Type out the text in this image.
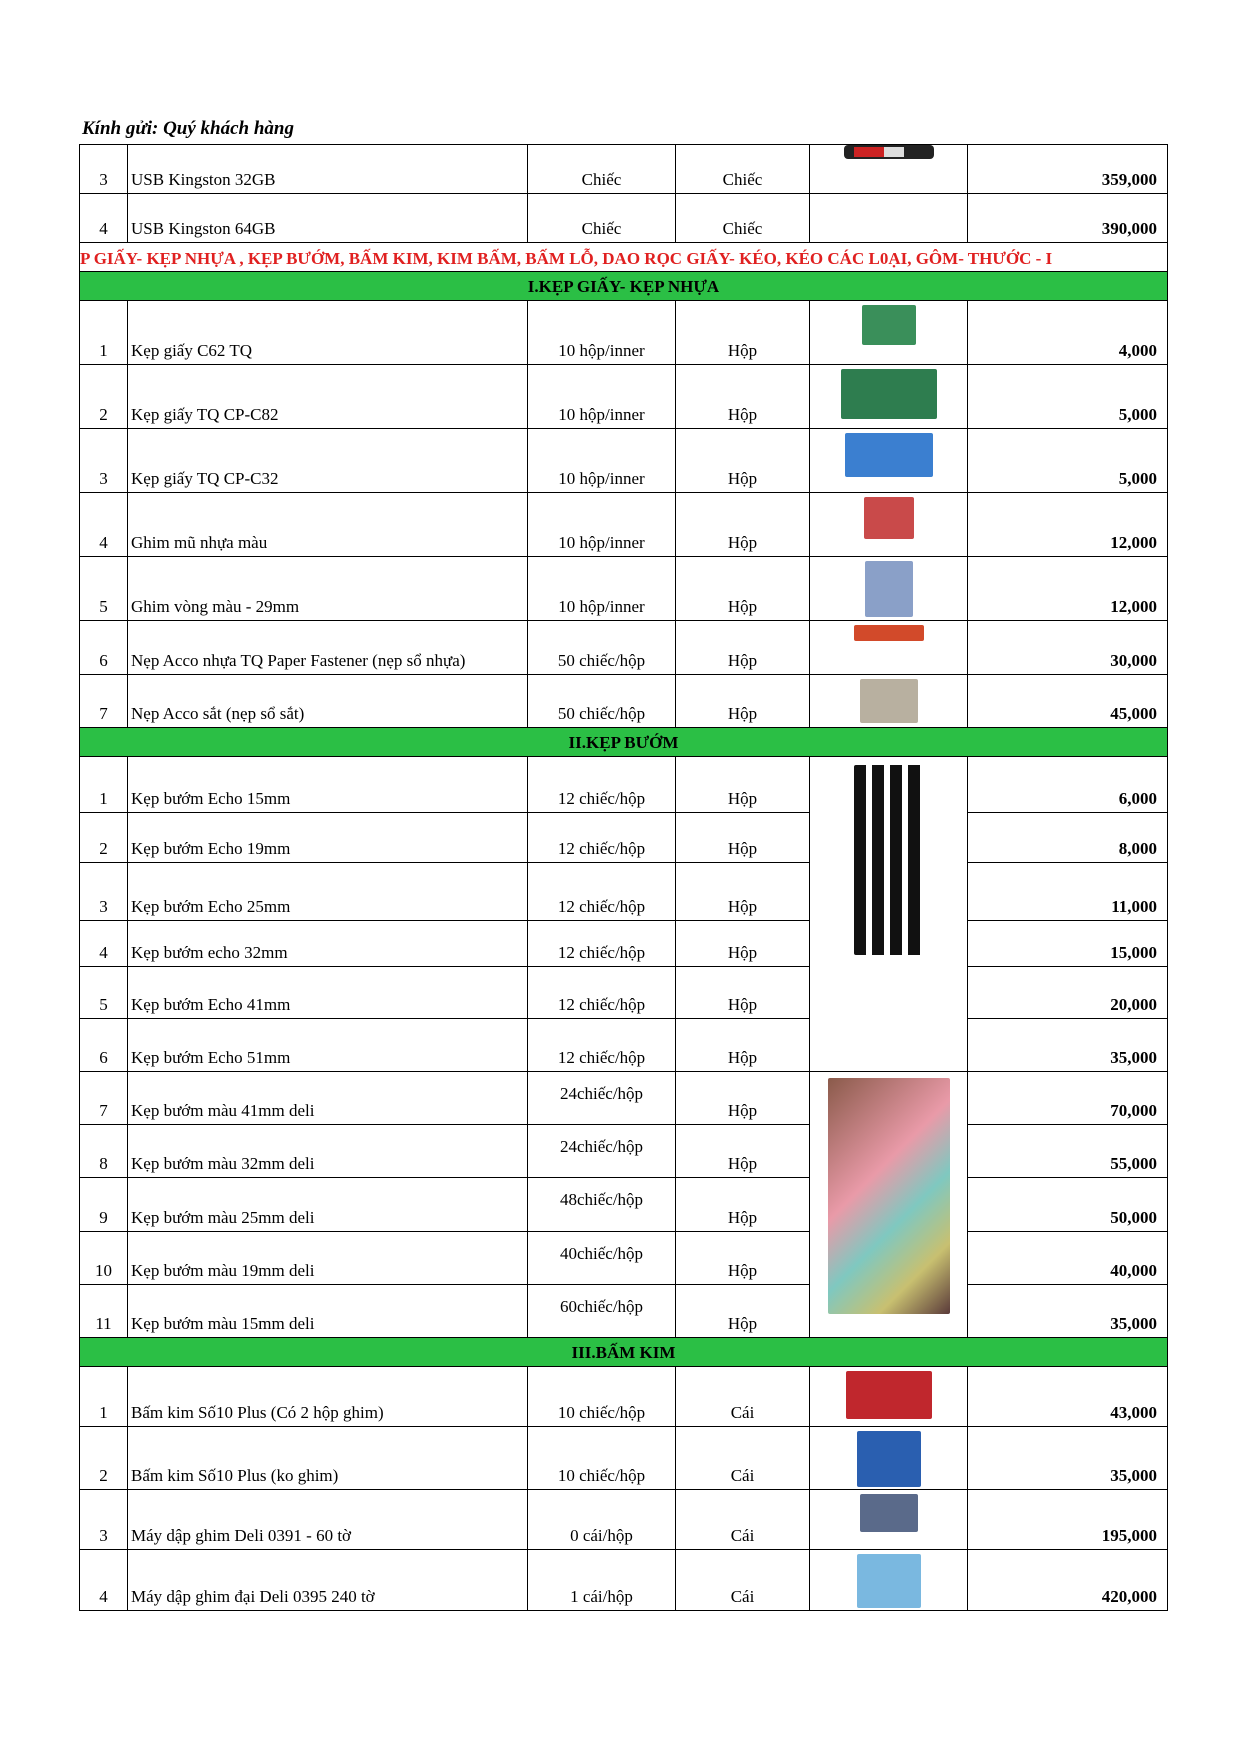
Kính gửi: Quý khách hàng
3	USB Kingston 32GB	Chiếc	Chiếc		359,000
4	USB Kingston 64GB	Chiếc	Chiếc		390,000
P GIẤY- KẸP NHỰA , KẸP BƯỚM, BẤM KIM, KIM BẤM, BẤM LỖ, DAO RỌC GIẤY- KÉO, KÉO CÁC L0ẠI, GÔM- THƯỚC - I					
I.KẸP GIẤY- KẸP NHỰA					
1	Kẹp giấy C62 TQ	10 hộp/inner	Hộp		4,000
2	Kẹp giấy TQ CP-C82	10 hộp/inner	Hộp		5,000
3	Kẹp giấy TQ CP-C32	10 hộp/inner	Hộp		5,000
4	Ghim mũ nhựa màu	10 hộp/inner	Hộp		12,000
5	Ghim vòng màu - 29mm	10 hộp/inner	Hộp		12,000
6	Nẹp Acco nhựa TQ Paper Fastener (nẹp sổ nhựa)	50 chiếc/hộp	Hộp		30,000
7	Nẹp Acco sắt (nẹp sổ sắt)	50 chiếc/hộp	Hộp		45,000
II.KẸP BƯỚM					
1	Kẹp bướm Echo 15mm	12 chiếc/hộp	Hộp		6,000
2	Kẹp bướm Echo 19mm	12 chiếc/hộp	Hộp		8,000
3	Kẹp bướm Echo 25mm	12 chiếc/hộp	Hộp		11,000
4	Kẹp bướm echo 32mm	12 chiếc/hộp	Hộp		15,000
5	Kẹp bướm Echo 41mm	12 chiếc/hộp	Hộp		20,000
6	Kẹp bướm Echo 51mm	12 chiếc/hộp	Hộp		35,000
7	Kẹp bướm màu 41mm deli	24chiếc/hộp	Hộp		70,000
8	Kẹp bướm màu 32mm deli	24chiếc/hộp	Hộp		55,000
9	Kẹp bướm màu 25mm deli	48chiếc/hộp	Hộp		50,000
10	Kẹp bướm màu 19mm deli	40chiếc/hộp	Hộp		40,000
11	Kẹp bướm màu 15mm deli	60chiếc/hộp	Hộp		35,000
III.BẤM KIM					
1	Bấm kim Số10 Plus (Có 2 hộp ghim)	10 chiếc/hộp	Cái		43,000
2	Bấm kim Số10 Plus (ko ghim)	10 chiếc/hộp	Cái		35,000
3	Máy dập ghim Deli 0391 - 60 tờ	0 cái/hộp	Cái		195,000
4	Máy dập ghim đại Deli 0395 240 tờ	1 cái/hộp	Cái		420,000
